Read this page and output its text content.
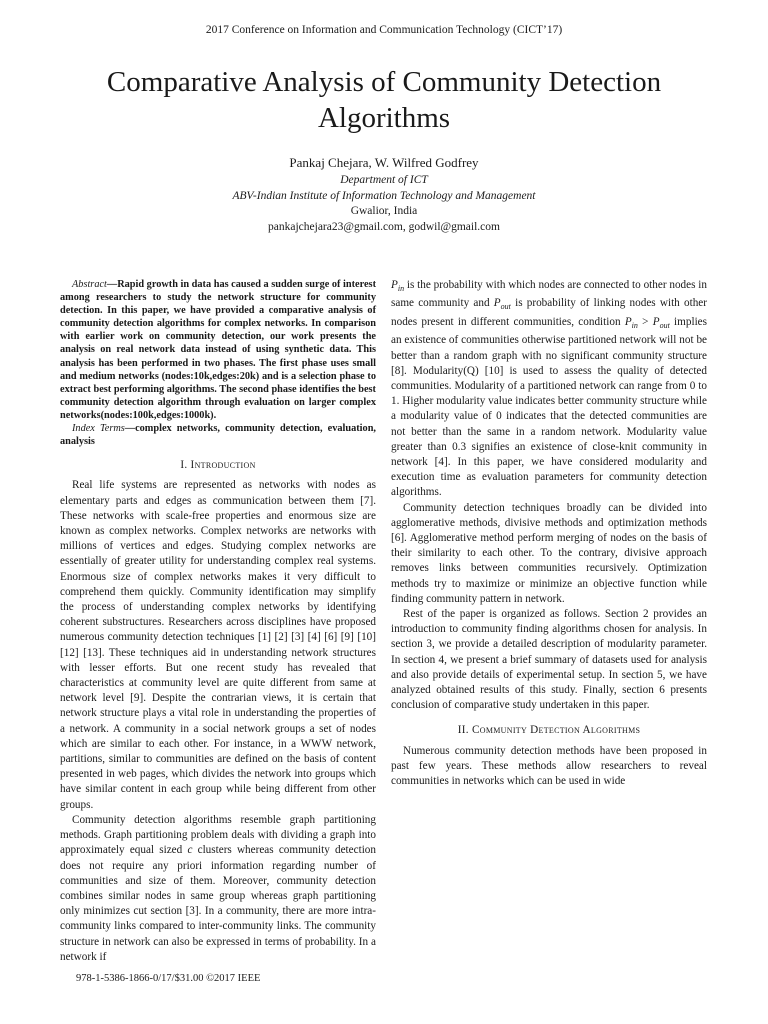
2017 Conference on Information and Communication Technology (CICT’17)
Comparative Analysis of Community Detection Algorithms
Pankaj Chejara, W. Wilfred Godfrey
Department of ICT
ABV-Indian Institute of Information Technology and Management
Gwalior, India
pankajchejara23@gmail.com, godwil@gmail.com

Abstract—Rapid growth in data has caused a sudden surge of interest among researchers to study the network structure for community detection. In this paper, we have provided a comparative analysis of community detection algorithms for complex networks. In comparison with earlier work on community detection, our work presents the analysis on real network data instead of using synthetic data. This analysis has been performed in two phases. The first phase uses small and medium networks (nodes:10k,edges:20k) and is a selection phase to extract best performing algorithms. The second phase identifies the best community detection algorithm through evaluation on larger complex networks(nodes:100k,edges:1000k).

Index Terms—complex networks, community detection, evaluation, analysis

I. Introduction

Real life systems are represented as networks with nodes as elementary parts and edges as communication between them [7]. These networks with scale-free properties and enormous size are known as complex networks. Complex networks are networks with millions of vertices and edges. Studying complex networks are essentially of greater utility for understanding complex real systems. Enormous size of complex networks makes it very difficult to comprehend them quickly. Community identification may simplify the process of understanding complex networks by identifying coherent substructures. Researchers across disciplines have proposed numerous community detection techniques [1] [2] [3] [4] [6] [9] [10] [12] [13]. These techniques aid in understanding network structures with lesser efforts. But one recent study has revealed that characteristics at community level are quite different from same at network level [9]. Despite the contrarian views, it is certain that network structure plays a vital role in understanding the properties of a network. A community in a social network groups a set of nodes which are similar to each other. For instance, in a WWW network, partitions, similar to communities are defined on the basis of content presented in web pages, which divides the network into groups which have similar content in each group while being different from other groups.

Community detection algorithms resemble graph partitioning methods. Graph partitioning problem deals with dividing a graph into approximately equal sized c clusters whereas community detection does not require any priori information regarding number of communities and size of them. Moreover, community detection combines similar nodes in same group whereas graph partitioning only minimizes cut section [3]. In a community, there are more intra-community links compared to inter-community links. The community structure in network can also be expressed in terms of probability. In a network if

$P_{in}$ is the probability with which nodes are connected to other nodes in same community and $P_{out}$ is probability of linking nodes with other nodes present in different communities, condition $P_{in} > P_{out}$ implies an existence of communities otherwise partitioned network will not be better than a random graph with no significant community structure [8]. Modularity(Q) [10] is used to assess the quality of detected communities. Modularity of a partitioned network can range from 0 to 1. Higher modularity value indicates better community structure while a modularity value of 0 indicates that the detected communities are not better than the same in a random network. Modularity value greater than 0.3 signifies an existence of close-knit community in network [4]. In this paper, we have considered modularity and execution time as evaluation parameters for community detection algorithms.

Community detection techniques broadly can be divided into agglomerative methods, divisive methods and optimization methods [6]. Agglomerative method perform merging of nodes on the basis of their similarity to each other. To the contrary, divisive approach removes links between communities recursively. Optimization methods try to maximize or minimize an objective function while finding community pattern in network.

Rest of the paper is organized as follows. Section 2 provides an introduction to community finding algorithms chosen for analysis. In section 3, we provide a detailed description of modularity parameter. In section 4, we present a brief summary of datasets used for analysis and also provide details of experimental setup. In section 5, we have analyzed obtained results of this study. Finally, section 6 presents conclusion of comparative study undertaken in this paper.

II. Community Detection Algorithms

Numerous community detection methods have been proposed in past few years. These methods allow researchers to reveal communities in networks which can be used in wide

978-1-5386-1866-0/17/$31.00 ©2017 IEEE
